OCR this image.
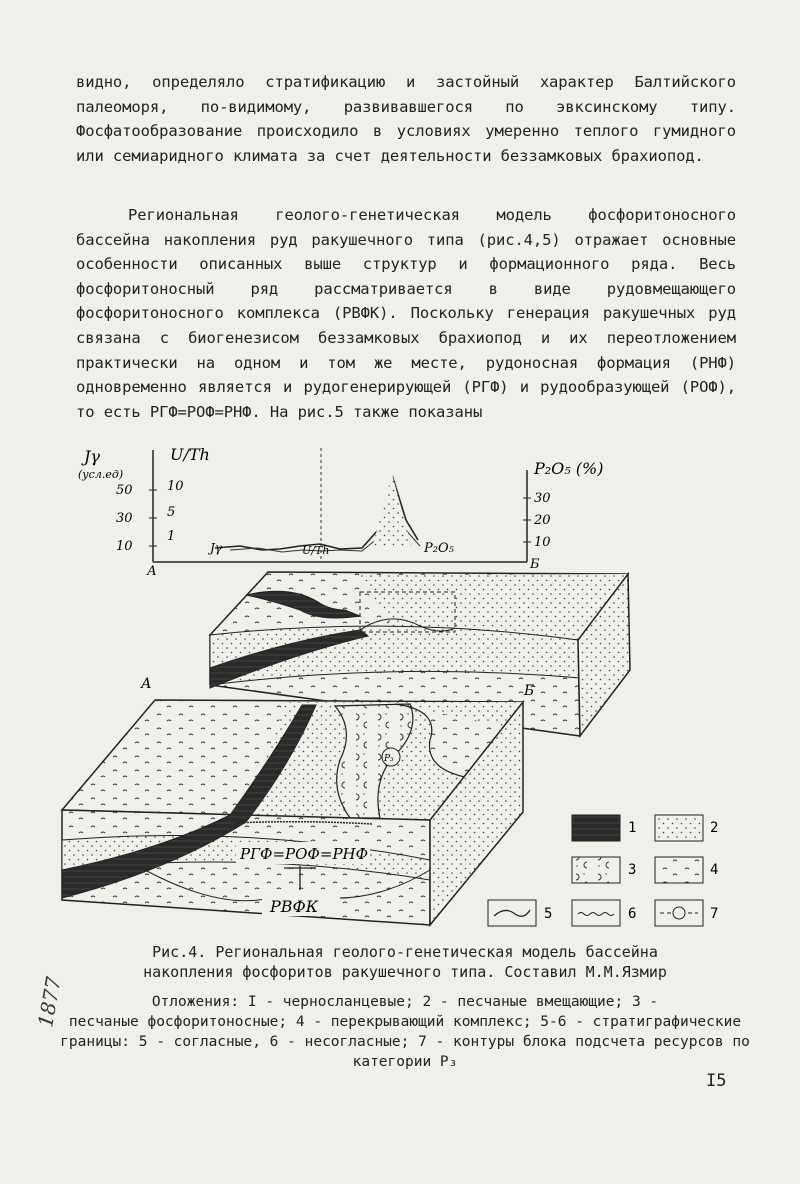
видно, определяло стратификацию и застойный характер Балтийского палеоморя, по-видимому, развивавшегося по эвксинскому типу. Фосфатообразование происходило в условиях умеренно теплого гумидного или семиаридного климата за счет деятельности беззамковых брахиопод.
Региональная геолого-генетическая модель фосфоритоносного бассейна накопления руд ракушечного типа (рис.4,5) отражает основные особенности описанных выше структур и формационного ряда. Весь фосфоритоносный ряд рассматривается в виде рудовмещающего фосфоритоносного комплекса (РВФК). Поскольку генерация ракушечных руд связана с биогенезисом беззамковых брахиопод и их переотложением практически на одном и том же месте, рудоносная формация (РНФ) одновременно является и рудогенерирующей (РГФ) и рудообразующей (РОФ), то есть РГФ=РОФ=РНФ. На рис.5 также показаны
Jγ
(усл.ед)
U/Th
P₂O₅ (%)
50
30
10
10
5
1
30
20
10
Jγ	U/Th	P₂O₅
А	Б
А	Б
P₃
РГФ=РОФ=РНФ
РВФК
1	2
3	4
5	6	7
Рис.4. Региональная геолого-генетическая модель бассейна
накопления фосфоритов ракушечного типа. Составил М.М.Язмир
Отложения: I - черносланцевые; 2 - песчаные вмещающие; 3 -
песчаные фосфоритоносные; 4 - перекрывающий комплекс; 5-6 - стратиграфические границы: 5 - согласные, 6 - несогласные; 7 - контуры блока подсчета ресурсов по категории P₃
1877
I5
